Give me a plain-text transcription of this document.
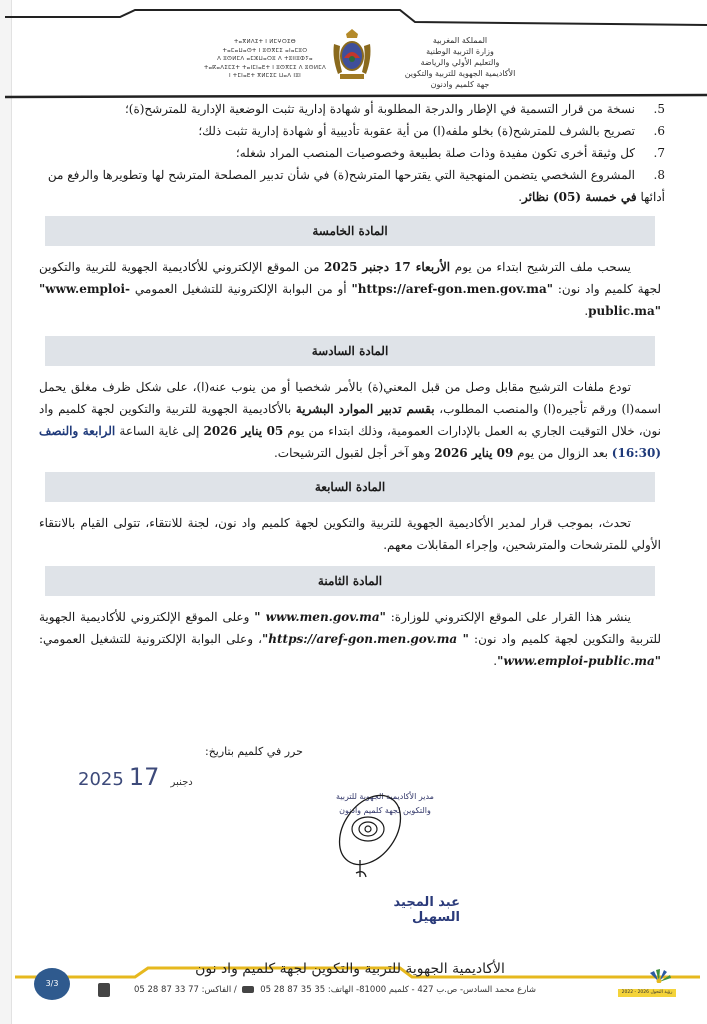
ⵜⴰⴳⵍⴷⵉⵜ ⵏ ⵍⵎⵖⵔⵉⴱ
ⵜⴰⵎⴰⵡⴰⵙⵜ ⵏ ⵓⵙⴳⵎⵉ ⴰⵏⴰⵎⵓⵔ
ⴷ ⵓⵙⵍⵎⴷ ⴰⵎⵣⵡⴰⵔⵓ ⴷ ⵜⵓⵏⵏⵓⵀⵢⴰ
ⵜⴰⴽⴰⴷⵉⵎⵉⵜ ⵜⴰⵏⵎⵏⴰⴹⵜ ⵏ ⵓⵙⴳⵎⵉ ⴷ ⵓⵙⵍⵎⴷ
ⵏ ⵜⵎⵏⴰⴹⵜ ⴳⵍⵎⵉⵎ ⵡⴰⴷ ⵏⵓⵏ
المملكة المغربية
وزارة التربية الوطنية
والتعليم الأولي والرياضة
الأكاديمية الجهوية للتربية والتكوين
جهة كلميم وادنون
5.
نسخة من قرار التسمية في الإطار والدرجة المطلوبة أو شهادة إدارية تثبت الوضعية الإدارية للمترشح(ة)؛
6.
تصريح بالشرف للمترشح(ة) بخلو ملفه(ا) من أية عقوبة تأديبية أو شهادة إدارية تثبت ذلك؛
7.
كل وثيقة أخرى تكون مفيدة وذات صلة بطبيعة وخصوصيات المنصب المراد شغله؛
8.
المشروع الشخصي يتضمن المنهجية التي يقترحها المترشح(ة) في شأن تدبير المصلحة المترشح لها وتطويرها والرفع من
أدائها في خمسة (05) نظائر.
المادة الخامسة

يسحب ملف الترشيح ابتداء من يوم الأربعاء 17 دجنبر 2025 من الموقع الإلكتروني للأكاديمية الجهوية للتربية والتكوين لجهة كلميم واد نون: "https://aref-gon.men.gov.ma" أو من البوابة الإلكترونية للتشغيل العمومي "www.emploi-public.ma".

المادة السادسة

تودع ملفات الترشيح مقابل وصل من قبل المعني(ة) بالأمر شخصيا أو من ينوب عنه(ا)، على شكل ظرف مغلق يحمل اسمه(ا) ورقم تأجيره(ا) والمنصب المطلوب، بقسم تدبير الموارد البشرية بالأكاديمية الجهوية للتربية والتكوين لجهة كلميم واد نون، خلال التوقيت الجاري به العمل بالإدارات العمومية، وذلك ابتداء من يوم 05 يناير 2026 إلى غاية الساعة الرابعة والنصف (16:30) بعد الزوال من يوم 09 يناير 2026 وهو آخر أجل لقبول الترشيحات.

المادة السابعة

تحدث، بموجب قرار لمدير الأكاديمية الجهوية للتربية والتكوين لجهة كلميم واد نون، لجنة للانتقاء، تتولى القيام بالانتقاء الأولي للمترشحات والمترشحين، وإجراء المقابلات معهم.

المادة الثامنة

ينشر هذا القرار على الموقع الإلكتروني للوزارة: " www.men.gov.ma" وعلى الموقع الإلكتروني للأكاديمية الجهوية للتربية والتكوين لجهة كلميم واد نون: "https://aref-gon.men.gov.ma "، وعلى البوابة الإلكترونية للتشغيل العمومي: "www.emploi-public.ma".

حرر في كلميم بتاريخ:
2025	دجنبر 17
مدير الأكاديمية الجهوية للتربية
والتكوين لجهة كلميم وادنون
عبد المجيد السهيل
3/3
الأكاديمية الجهوية للتربية والتكوين لجهة كلميم واد نون
شارع محمد السادس- ص.ب 427 - كلميم 81000- الهاتف: 35 35 87 28 05  / الفاكس: 77 33 87 28 05	رؤية التحول 2026 - 2022
